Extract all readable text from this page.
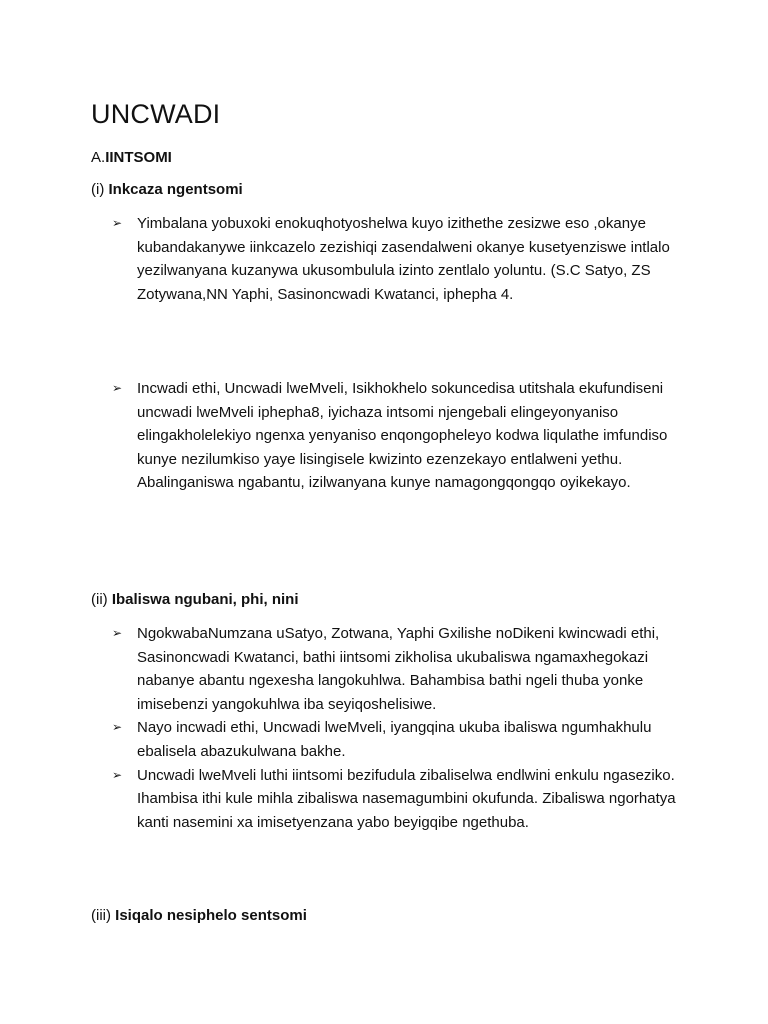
UNCWADI

A.IINTSOMI

(i) Inkcaza ngentsomi

➢ Yimbalana yobuxoki enokuqhotyoshelwa kuyo izithethe zesizwe eso ,okanye kubandakanywe iinkcazelo zezishiqi zasendalweni okanye kusetyenziswe intlalo yezilwanyana kuzanywa ukusombulula izinto zentlalo yoluntu. (S.C Satyo, ZS Zotywana,NN Yaphi, Sasinoncwadi Kwatanci, iphepha 4.
➢ Incwadi ethi, Uncwadi lweMveli, Isikhokhelo sokuncedisa utitshala ekufundiseni uncwadi lweMveli iphepha8, iyichaza intsomi njengebali elingeyonyaniso elingakholelekiyo ngenxa yenyaniso enqongopheleyo kodwa liqulathe imfundiso kunye nezilumkiso yaye lisingisele kwizinto ezenzekayo entlalweni yethu. Abalinganiswa ngabantu, izilwanyana kunye namagongqongqo oyikekayo.

(ii) Ibaliswa ngubani, phi, nini

➢ NgokwabaNumzana uSatyo, Zotwana, Yaphi Gxilishe noDikeni kwincwadi ethi, Sasinoncwadi Kwatanci, bathi iintsomi zikholisa ukubaliswa ngamaxhegokazi nabanye abantu ngexesha langokuhlwa. Bahambisa bathi ngeli thuba yonke imisebenzi yangokuhlwa iba seyiqoshelisiwe.
➢ Nayo incwadi ethi, Uncwadi lweMveli, iyangqina ukuba ibaliswa ngumhakhulu ebalisela abazukulwana bakhe.
➢ Uncwadi lweMveli luthi iintsomi bezifudula zibaliselwa endlwini enkulu ngaseziko. Ihambisa ithi kule mihla zibaliswa nasemagumbini okufunda. Zibaliswa ngorhatya kanti nasemini xa imisetyenzana yabo beyigqibe ngethuba.

(iii) Isiqalo nesiphelo sentsomi
